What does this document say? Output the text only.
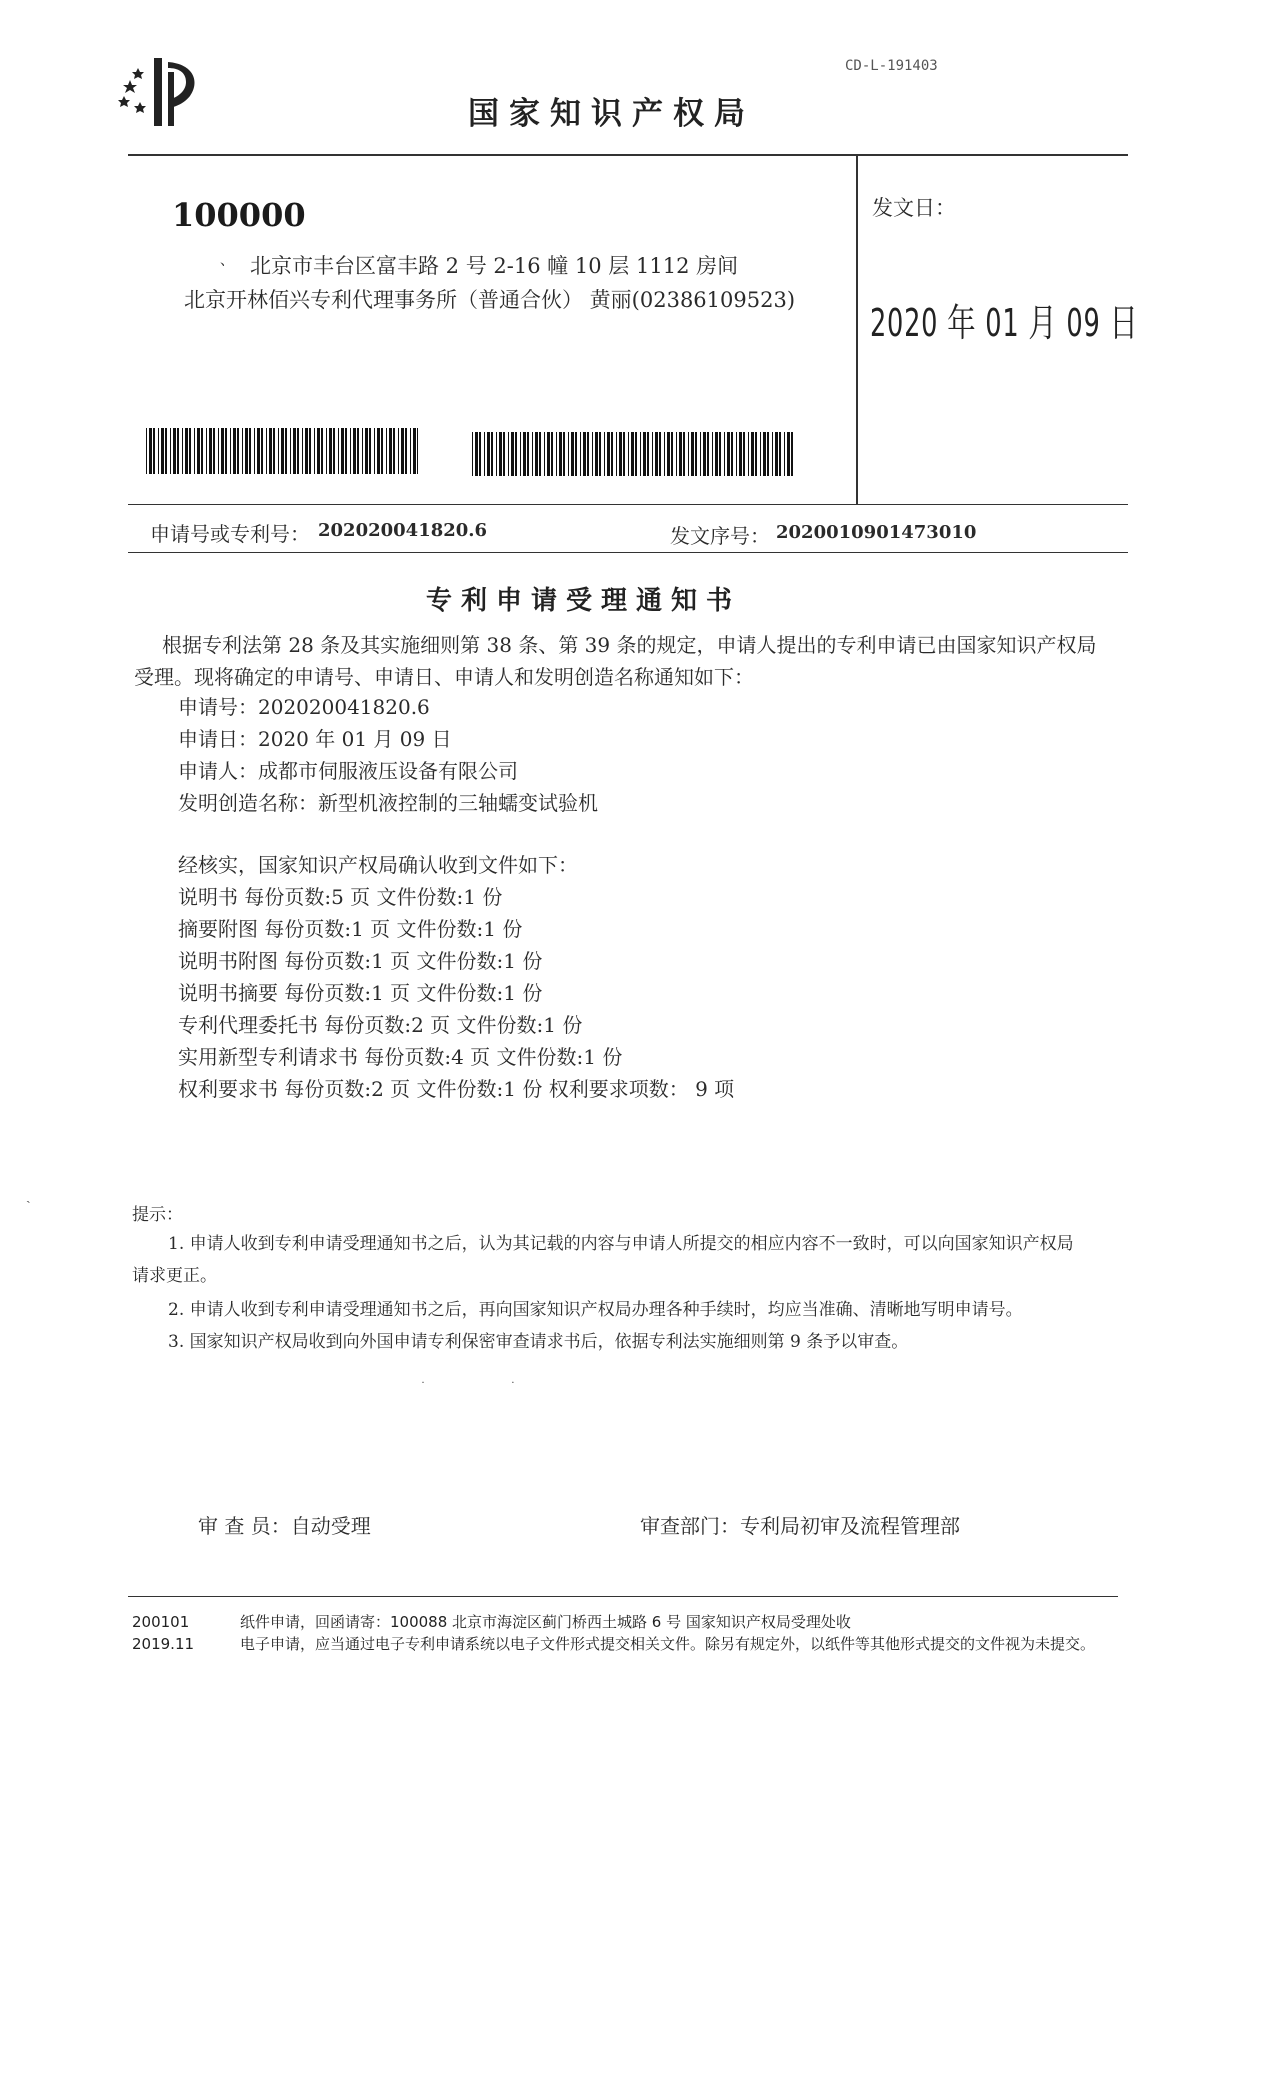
CD-L-191403
国家知识产权局
100000
、 北京市丰台区富丰路 2 号 2-16 幢 10 层 1112 房间
北京开林佰兴专利代理事务所（普通合伙） 黄丽(02386109523)
发文日：
2020 年 01 月 09 日
申请号或专利号： 202020041820.6	发文序号： 2020010901473010
专利申请受理通知书
根据专利法第 28 条及其实施细则第 38 条、第 39 条的规定，申请人提出的专利申请已由国家知识产权局
受理。现将确定的申请号、申请日、申请人和发明创造名称通知如下：
申请号：202020041820.6
申请日：2020 年 01 月 09 日
申请人：成都市伺服液压设备有限公司
发明创造名称：新型机液控制的三轴蠕变试验机
经核实，国家知识产权局确认收到文件如下：
说明书 每份页数:5 页 文件份数:1 份
摘要附图 每份页数:1 页 文件份数:1 份
说明书附图 每份页数:1 页 文件份数:1 份
说明书摘要 每份页数:1 页 文件份数:1 份
专利代理委托书 每份页数:2 页 文件份数:1 份
实用新型专利请求书 每份页数:4 页 文件份数:1 份
权利要求书 每份页数:2 页 文件份数:1 份 权利要求项数： 9 项
ˏ
提示：
1. 申请人收到专利申请受理通知书之后，认为其记载的内容与申请人所提交的相应内容不一致时，可以向国家知识产权局
请求更正。
2. 申请人收到专利申请受理通知书之后，再向国家知识产权局办理各种手续时，均应当准确、清晰地写明申请号。
3. 国家知识产权局收到向外国申请专利保密审查请求书后，依据专利法实施细则第 9 条予以审查。
˙ ˙
审 查 员：自动受理	审查部门：专利局初审及流程管理部
200101
2019.11
纸件申请，回函请寄：100088 北京市海淀区蓟门桥西土城路 6 号 国家知识产权局受理处收
电子申请，应当通过电子专利申请系统以电子文件形式提交相关文件。除另有规定外，以纸件等其他形式提交的文件视为未提交。
